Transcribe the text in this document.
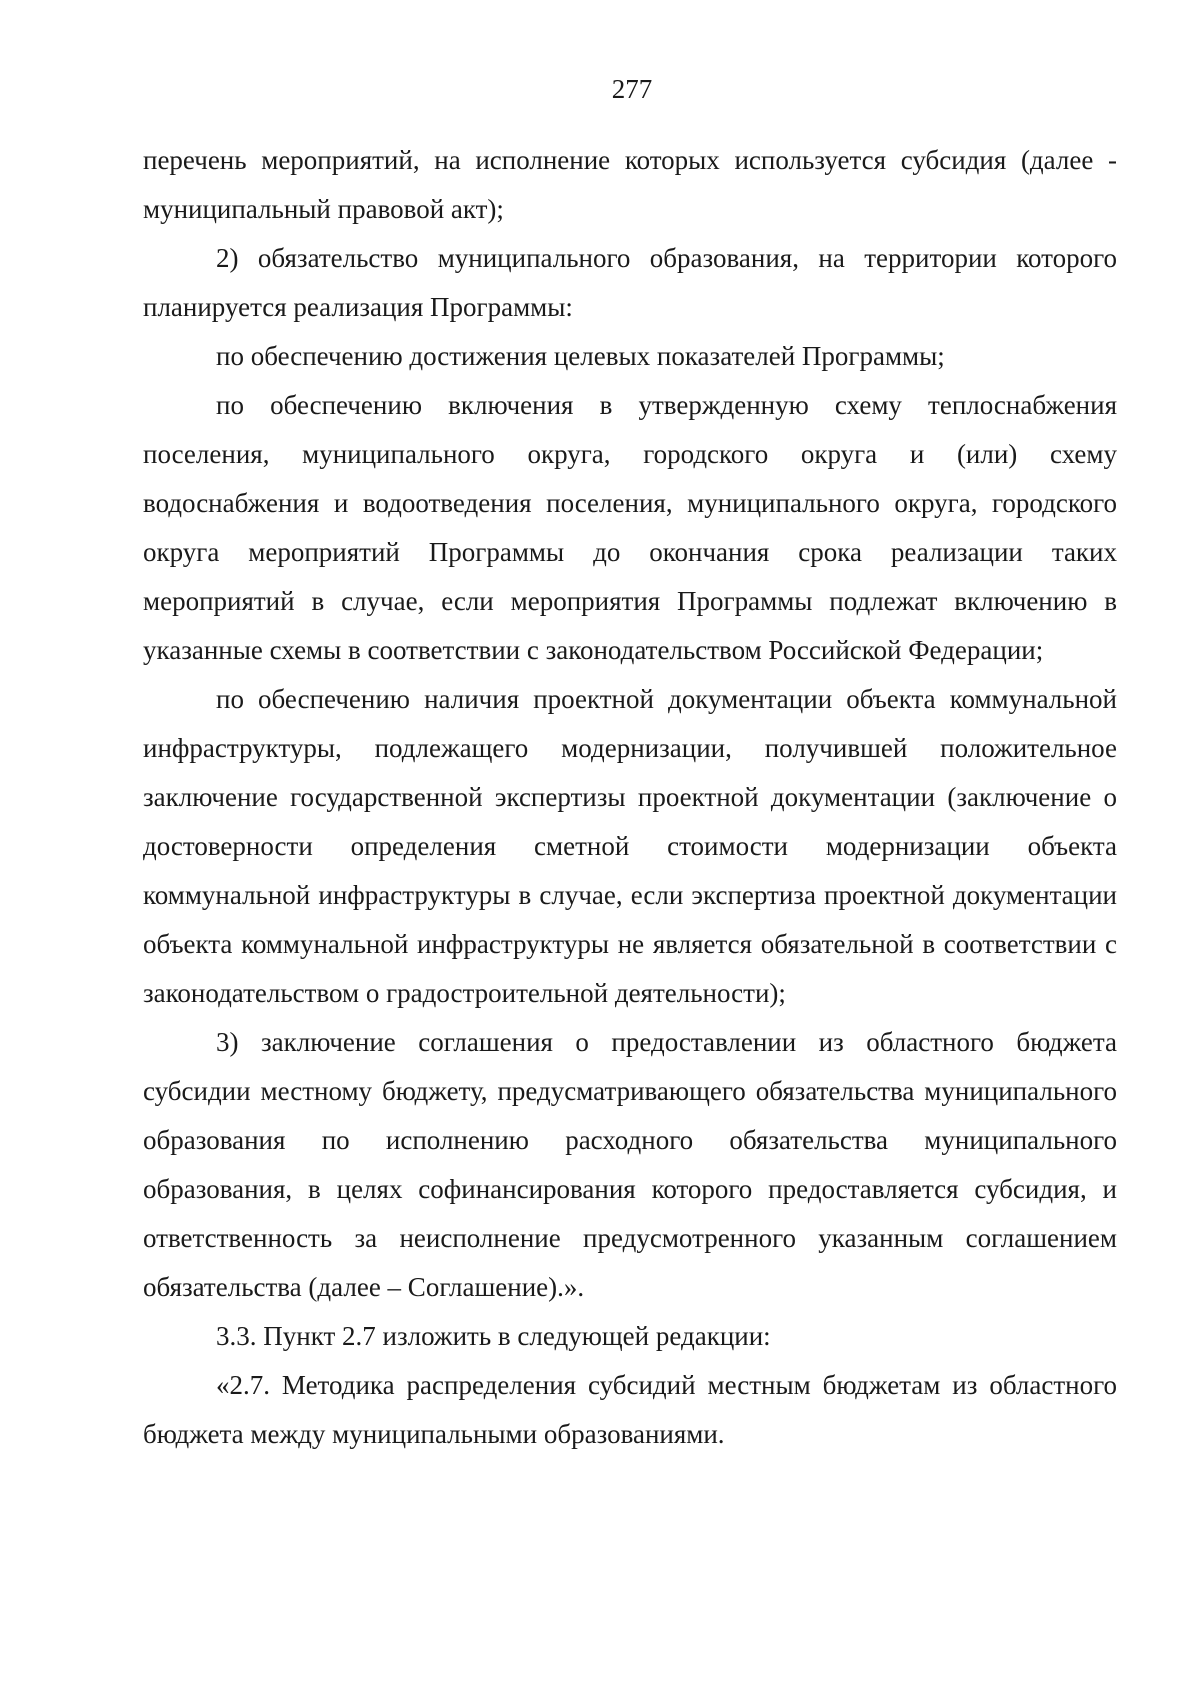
277

перечень мероприятий, на исполнение которых используется субсидия (далее - муниципальный правовой акт);

2) обязательство муниципального образования, на территории которого планируется реализация Программы:

по обеспечению достижения целевых показателей Программы;

по обеспечению включения в утвержденную схему теплоснабжения поселения, муниципального округа, городского округа и (или) схему водоснабжения и водоотведения поселения, муниципального округа, городского округа мероприятий Программы до окончания срока реализации таких мероприятий в случае, если мероприятия Программы подлежат включению в указанные схемы в соответствии с законодательством Российской Федерации;

по обеспечению наличия проектной документации объекта коммунальной инфраструктуры, подлежащего модернизации, получившей положительное заключение государственной экспертизы проектной документации (заключение о достоверности определения сметной стоимости модернизации объекта коммунальной инфраструктуры в случае, если экспертиза проектной документации объекта коммунальной инфраструктуры не является обязательной в соответствии с законодательством о градостроительной деятельности);

3) заключение соглашения о предоставлении из областного бюджета субсидии местному бюджету, предусматривающего обязательства муниципального образования по исполнению расходного обязательства муниципального образования, в целях софинансирования которого предоставляется субсидия, и ответственность за неисполнение предусмотренного указанным соглашением обязательства (далее – Соглашение).».

3.3. Пункт 2.7 изложить в следующей редакции:

«2.7. Методика распределения субсидий местным бюджетам из областного бюджета между муниципальными образованиями.
